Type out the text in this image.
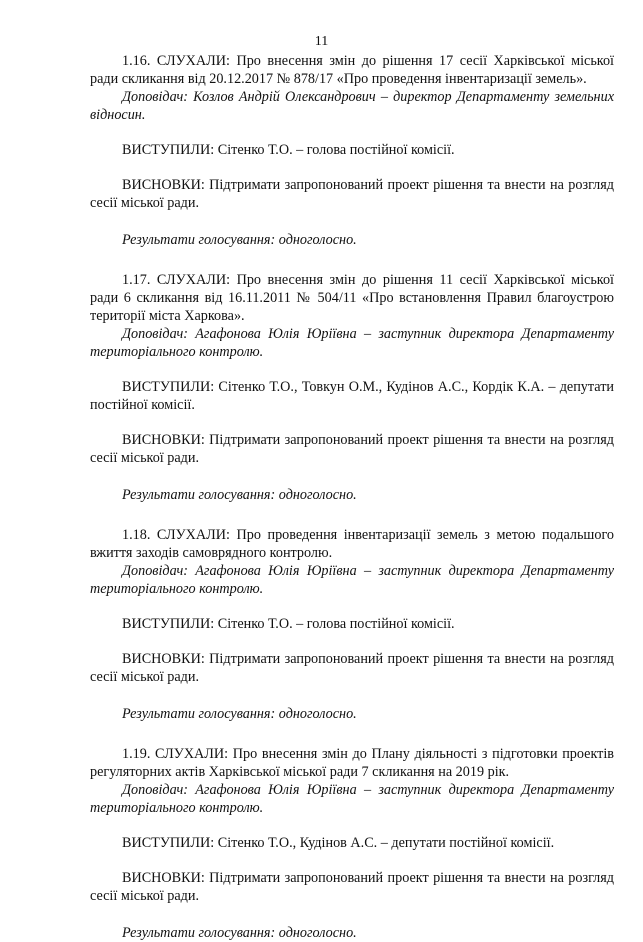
11

1.16. СЛУХАЛИ: Про внесення змін до рішення 17 сесії Харківської міської ради скликання від 20.12.2017 № 878/17 «Про проведення інвентаризації земель».

Доповідач: Козлов Андрій Олександрович – директор Департаменту земельних відносин.

ВИСТУПИЛИ: Сітенко Т.О. – голова постійної комісії.

ВИСНОВКИ: Підтримати запропонований проект рішення та внести на розгляд сесії міської ради.

Результати голосування: одноголосно.

1.17. СЛУХАЛИ: Про внесення змін до рішення 11 сесії Харківської міської ради 6 скликання від 16.11.2011 № 504/11 «Про встановлення Правил благоустрою території міста Харкова».

Доповідач: Агафонова Юлія Юріївна – заступник директора Департаменту територіального контролю.

ВИСТУПИЛИ: Сітенко Т.О., Товкун О.М., Кудінов А.С., Кордік К.А. – депутати постійної комісії.

ВИСНОВКИ: Підтримати запропонований проект рішення та внести на розгляд сесії міської ради.

Результати голосування: одноголосно.

1.18. СЛУХАЛИ: Про проведення інвентаризації земель з метою подальшого вжиття заходів самоврядного контролю.

Доповідач: Агафонова Юлія Юріївна – заступник директора Департаменту територіального контролю.

ВИСТУПИЛИ: Сітенко Т.О. – голова постійної комісії.

ВИСНОВКИ: Підтримати запропонований проект рішення та внести на розгляд сесії міської ради.

Результати голосування: одноголосно.

1.19. СЛУХАЛИ: Про внесення змін до Плану діяльності з підготовки проектів регуляторних актів Харківської міської ради 7 скликання на 2019 рік.

Доповідач: Агафонова Юлія Юріївна – заступник директора Департаменту територіального контролю.

ВИСТУПИЛИ: Сітенко Т.О., Кудінов А.С. – депутати постійної комісії.

ВИСНОВКИ: Підтримати запропонований проект рішення та внести на розгляд сесії міської ради.

Результати голосування: одноголосно.
